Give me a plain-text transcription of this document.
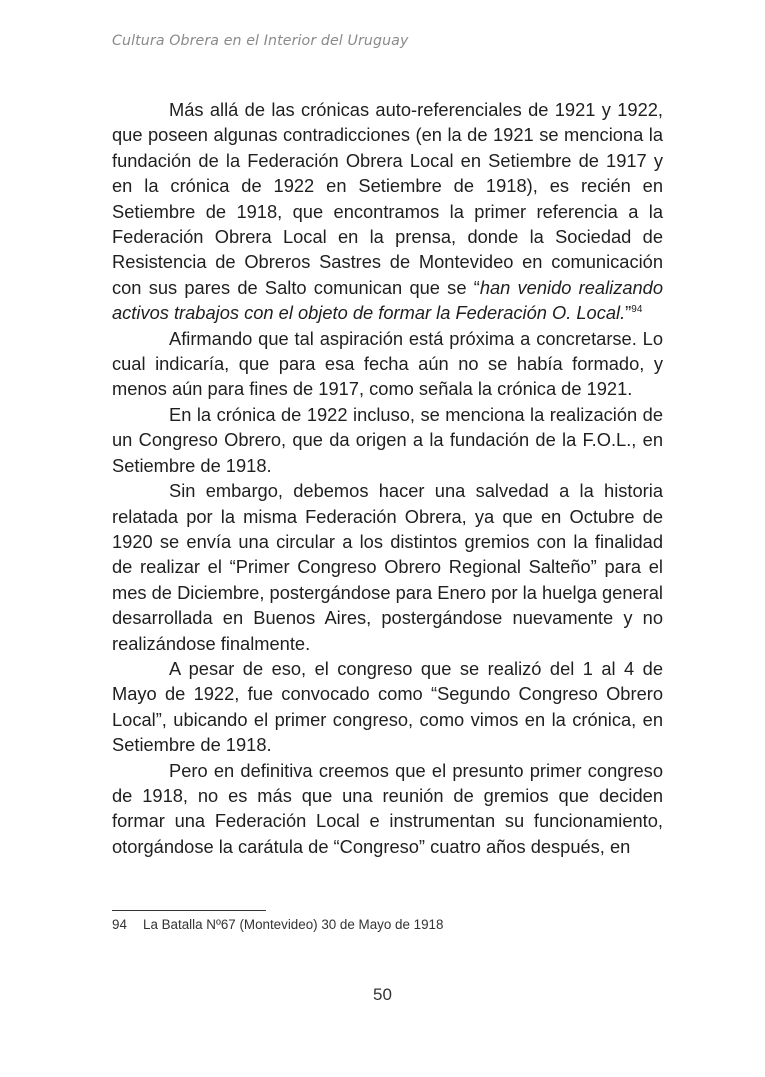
Cultura Obrera en el Interior del Uruguay

Más allá de las crónicas auto-referenciales de 1921 y 1922, que poseen algunas contradicciones (en la de 1921 se menciona la fundación de la Federación Obrera Local en Setiembre de 1917 y en la crónica de 1922 en Setiembre de 1918), es recién en Setiembre de 1918, que encontramos la primer referencia a la Federación Obrera Local en la prensa, donde la Sociedad de Resistencia de Obreros Sastres de Montevideo en comunicación con sus pares de Salto comunican que se “han venido realizando activos trabajos con el objeto de formar la Federación O. Local.”$^{94}$

Afirmando que tal aspiración está próxima a concretarse. Lo cual indicaría, que para esa fecha aún no se había formado, y menos aún para fines de 1917, como señala la crónica de 1921.

En la crónica de 1922 incluso, se menciona la realización de un Congreso Obrero, que da origen a la fundación de la F.O.L., en Setiembre de 1918.

Sin embargo, debemos hacer una salvedad a la historia relatada por la misma Federación Obrera, ya que en Octubre de 1920 se envía una circular a los distintos gremios con la finalidad de realizar el “Primer Congreso Obrero Regional Salteño” para el mes de Diciembre, postergándose para Enero por la huelga general desarrollada en Buenos Aires, postergándose nuevamente y no realizándose finalmente.

A pesar de eso, el congreso que se realizó del 1 al 4 de Mayo de 1922, fue convocado como “Segundo Congreso Obrero Local”, ubicando el primer congreso, como vimos en la crónica, en Setiembre de 1918.

Pero en definitiva creemos que el presunto primer congreso de 1918, no es más que una reunión de gremios que deciden formar una Federación Local e instrumentan su funcionamiento, otorgándose la carátula de “Congreso” cuatro años después, en

94 La Batalla Nº67 (Montevideo) 30 de Mayo de 1918
50
